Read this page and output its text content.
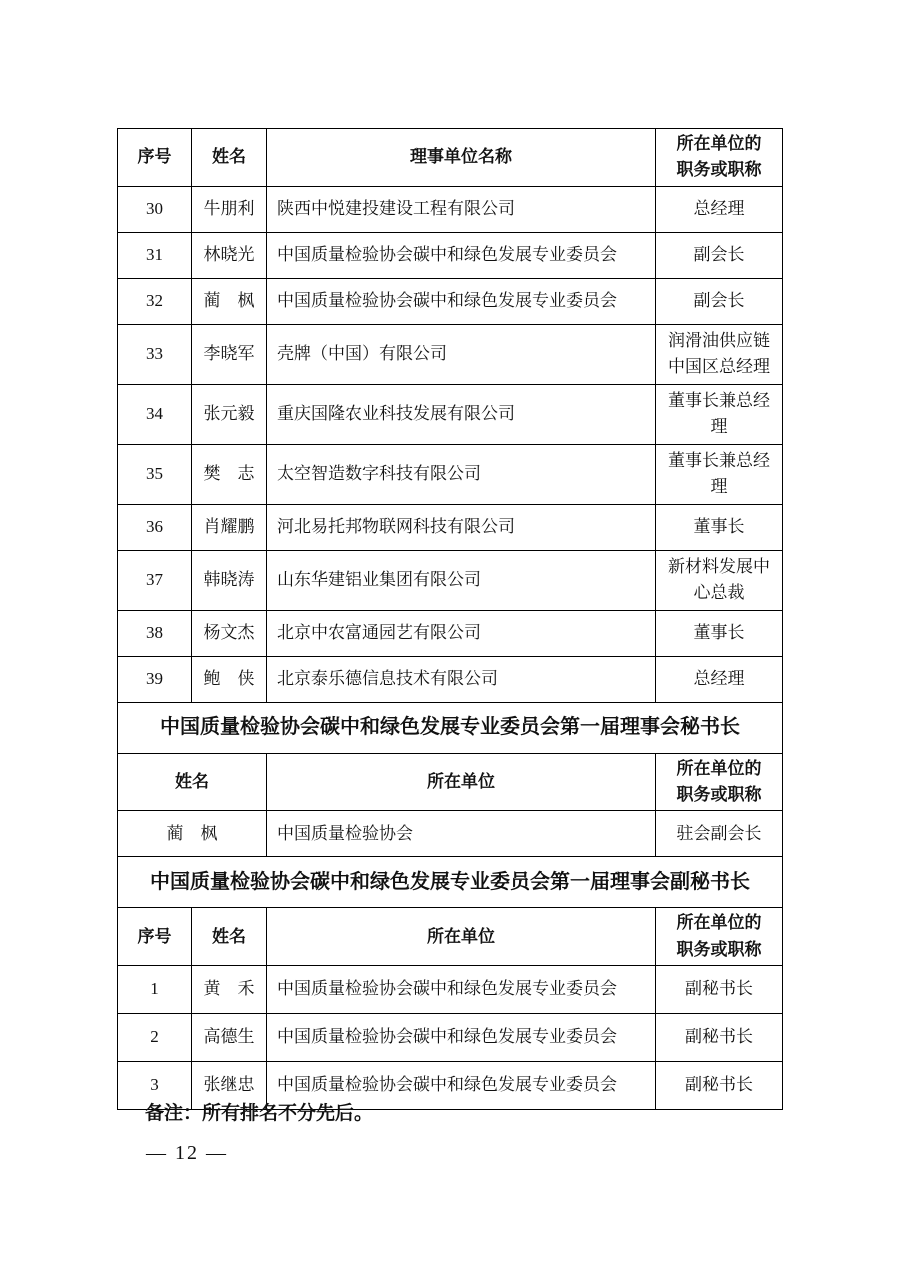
序号	姓名	理事单位名称	所在单位的
职务或职称
30	牛朋利	陕西中悦建投建设工程有限公司	总经理
31	林晓光	中国质量检验协会碳中和绿色发展专业委员会	副会长
32	蔺　枫	中国质量检验协会碳中和绿色发展专业委员会	副会长
33	李晓军	壳牌（中国）有限公司	润滑油供应链中国区总经理
34	张元毅	重庆国隆农业科技发展有限公司	董事长兼总经理
35	樊　志	太空智造数字科技有限公司	董事长兼总经理
36	肖耀鹏	河北易托邦物联网科技有限公司	董事长
37	韩晓涛	山东华建铝业集团有限公司	新材料发展中心总裁
38	杨文杰	北京中农富通园艺有限公司	董事长
39	鲍　侠	北京泰乐德信息技术有限公司	总经理
中国质量检验协会碳中和绿色发展专业委员会第一届理事会秘书长			
姓名		所在单位	所在单位的
职务或职称
蔺　枫		中国质量检验协会	驻会副会长
中国质量检验协会碳中和绿色发展专业委员会第一届理事会副秘书长			
序号	姓名	所在单位	所在单位的
职务或职称
1	黄　禾	中国质量检验协会碳中和绿色发展专业委员会	副秘书长
2	高德生	中国质量检验协会碳中和绿色发展专业委员会	副秘书长
3	张继忠	中国质量检验协会碳中和绿色发展专业委员会	副秘书长

备注：所有排名不分先后。

— 12 —
